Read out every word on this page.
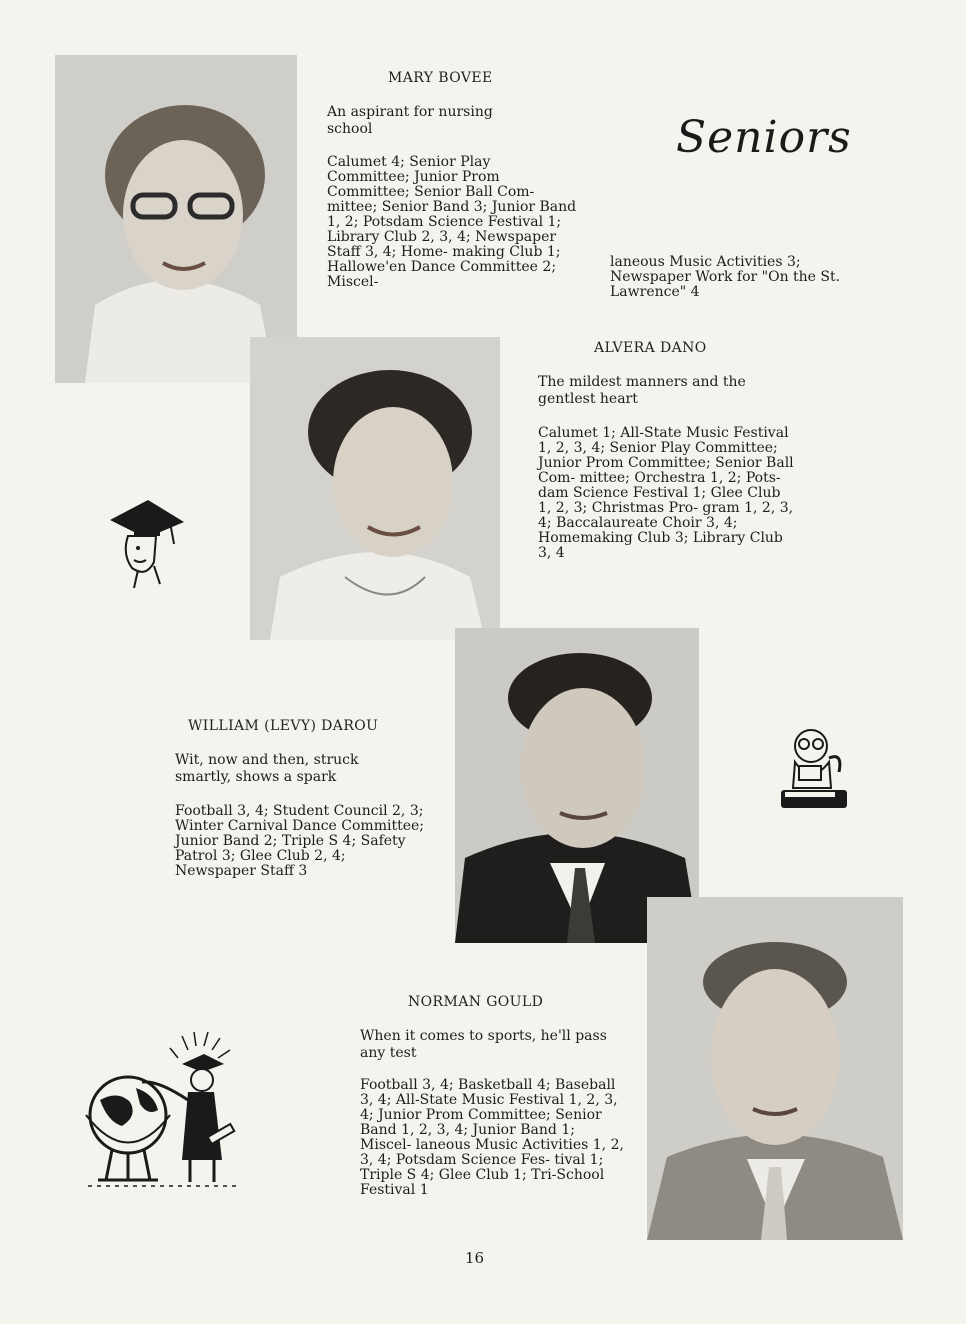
Seniors
MARY BOVEE
An aspirant for nursing school
Calumet 4; Senior Play Committee; Junior Prom Committee; Senior Ball Com- mittee; Senior Band 3; Junior Band 1, 2; Potsdam Science Festival 1; Library Club 2, 3, 4; Newspaper Staff 3, 4; Home- making Club 1; Hallowe'en Dance Committee 2; Miscel-
laneous Music Activities 3; Newspaper Work for "On the St. Lawrence" 4
ALVERA DANO
The mildest manners and the gentlest heart
Calumet 1; All-State Music Festival 1, 2, 3, 4; Senior Play Committee; Junior Prom Committee; Senior Ball Com- mittee; Orchestra 1, 2; Pots- dam Science Festival 1; Glee Club 1, 2, 3; Christmas Pro- gram 1, 2, 3, 4; Baccalaureate Choir 3, 4; Homemaking Club 3; Library Club 3, 4
WILLIAM (LEVY) DAROU
Wit, now and then, struck smartly, shows a spark
Football 3, 4; Student Council 2, 3; Winter Carnival Dance Committee; Junior Band 2; Triple S 4; Safety Patrol 3; Glee Club 2, 4; Newspaper Staff 3
NORMAN GOULD
When it comes to sports, he'll pass any test
Football 3, 4; Basketball 4; Baseball 3, 4; All-State Music Festival 1, 2, 3, 4; Junior Prom Committee; Senior Band 1, 2, 3, 4; Junior Band 1; Miscel- laneous Music Activities 1, 2, 3, 4; Potsdam Science Fes- tival 1; Triple S 4; Glee Club 1; Tri-School Festival 1
16
